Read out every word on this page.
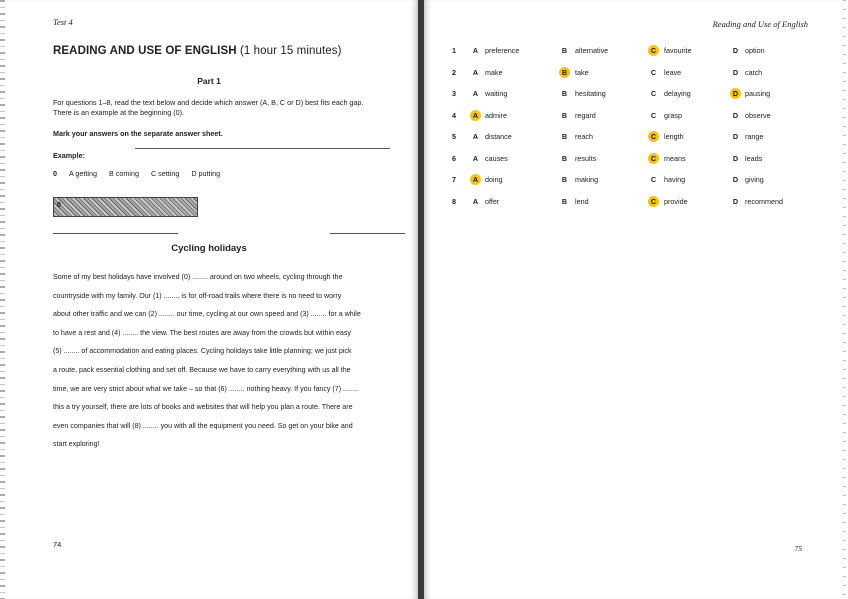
Test 4
READING AND USE OF ENGLISH (1 hour 15 minutes)
Part 1
For questions 1–8, read the text below and decide which answer (A, B, C or D) best fits each gap.
There is an example at the beginning (0).
Mark your answers on the separate answer sheet.
Example:
0 A getting B coming C setting D putting
0
Cycling holidays
Some of my best holidays have involved (0) ........ around on two wheels, cycling through the
countryside with my family. Our (1) ........ is for off-road trails where there is no need to worry
about other traffic and we can (2) ........ our time, cycling at our own speed and (3) ........ for a while
to have a rest and (4) ........ the view. The best routes are away from the crowds but within easy
(5) ........ of accommodation and eating places. Cycling holidays take little planning; we just pick
a route, pack essential clothing and set off. Because we have to carry everything with us all the
time, we are very strict about what we take – so that (6) ........ nothing heavy. If you fancy (7) ........
this a try yourself, there are lots of books and websites that will help you plan a route. There are
even companies that will (8) ........ you with all the equipment you need. So get on your bike and
start exploring!
74
Reading and Use of English
75
1	A preference	B	alternative	C	favourite	D option
2	A make	B	take	C	leave	D catch
3	A waiting	B	hesitating	C	delaying	D pausing
4	A admire	B	regard	C	grasp	D observe
5	A distance	B	reach	C	length	D range
6	A causes	B	results	C	means	D leads
7	A doing	B	making	C	having	D giving
8	A offer	B	lend	C	provide	D recommend
